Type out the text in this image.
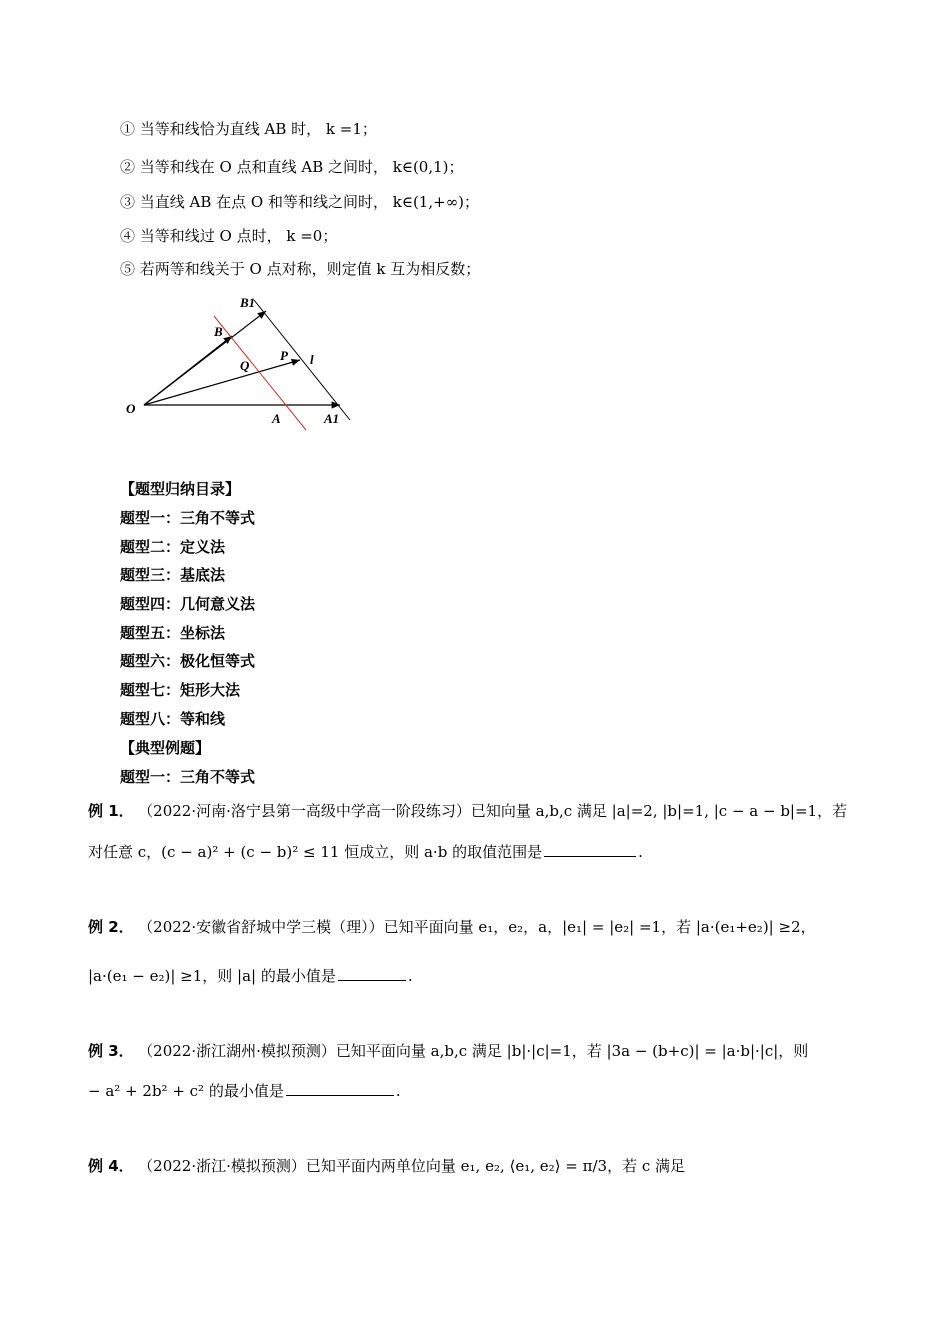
① 当等和线恰为直线 AB 时， k =1；
② 当等和线在 O 点和直线 AB 之间时， k∈(0,1)；
③ 当直线 AB 在点 O 和等和线之间时， k∈(1,+∞)；
④ 当等和线过 O 点时， k =0；
⑤ 若两等和线关于 O 点对称，则定值 k 互为相反数；
B1
B
P l
Q
O
A	A1
【题型归纳目录】
题型一：三角不等式
题型二：定义法
题型三：基底法
题型四：几何意义法
题型五：坐标法
题型六：极化恒等式
题型七：矩形大法
题型八：等和线
【典型例题】
题型一：三角不等式
例 1． （2022·河南·洛宁县第一高级中学高一阶段练习）已知向量 a,b,c 满足 |a|=2, |b|=1, |c − a − b|=1，若
对任意 c，(c − a)² + (c − b)² ≤ 11 恒成立，则 a·b 的取值范围是	.
例 2． （2022·安徽省舒城中学三模（理））已知平面向量 e₁，e₂，a，|e₁| = |e₂| =1，若 |a·(e₁+e₂)| ≥2，
|a·(e₁ − e₂)| ≥1，则 |a| 的最小值是	.
例 3． （2022·浙江湖州·模拟预测）已知平面向量 a,b,c 满足 |b|·|c|=1，若 |3a − (b+c)| = |a·b|·|c|，则
− a² + 2b² + c² 的最小值是	.
例 4． （2022·浙江·模拟预测）已知平面内两单位向量 e₁, e₂, ⟨e₁, e₂⟩ = π/3，若 c 满足
